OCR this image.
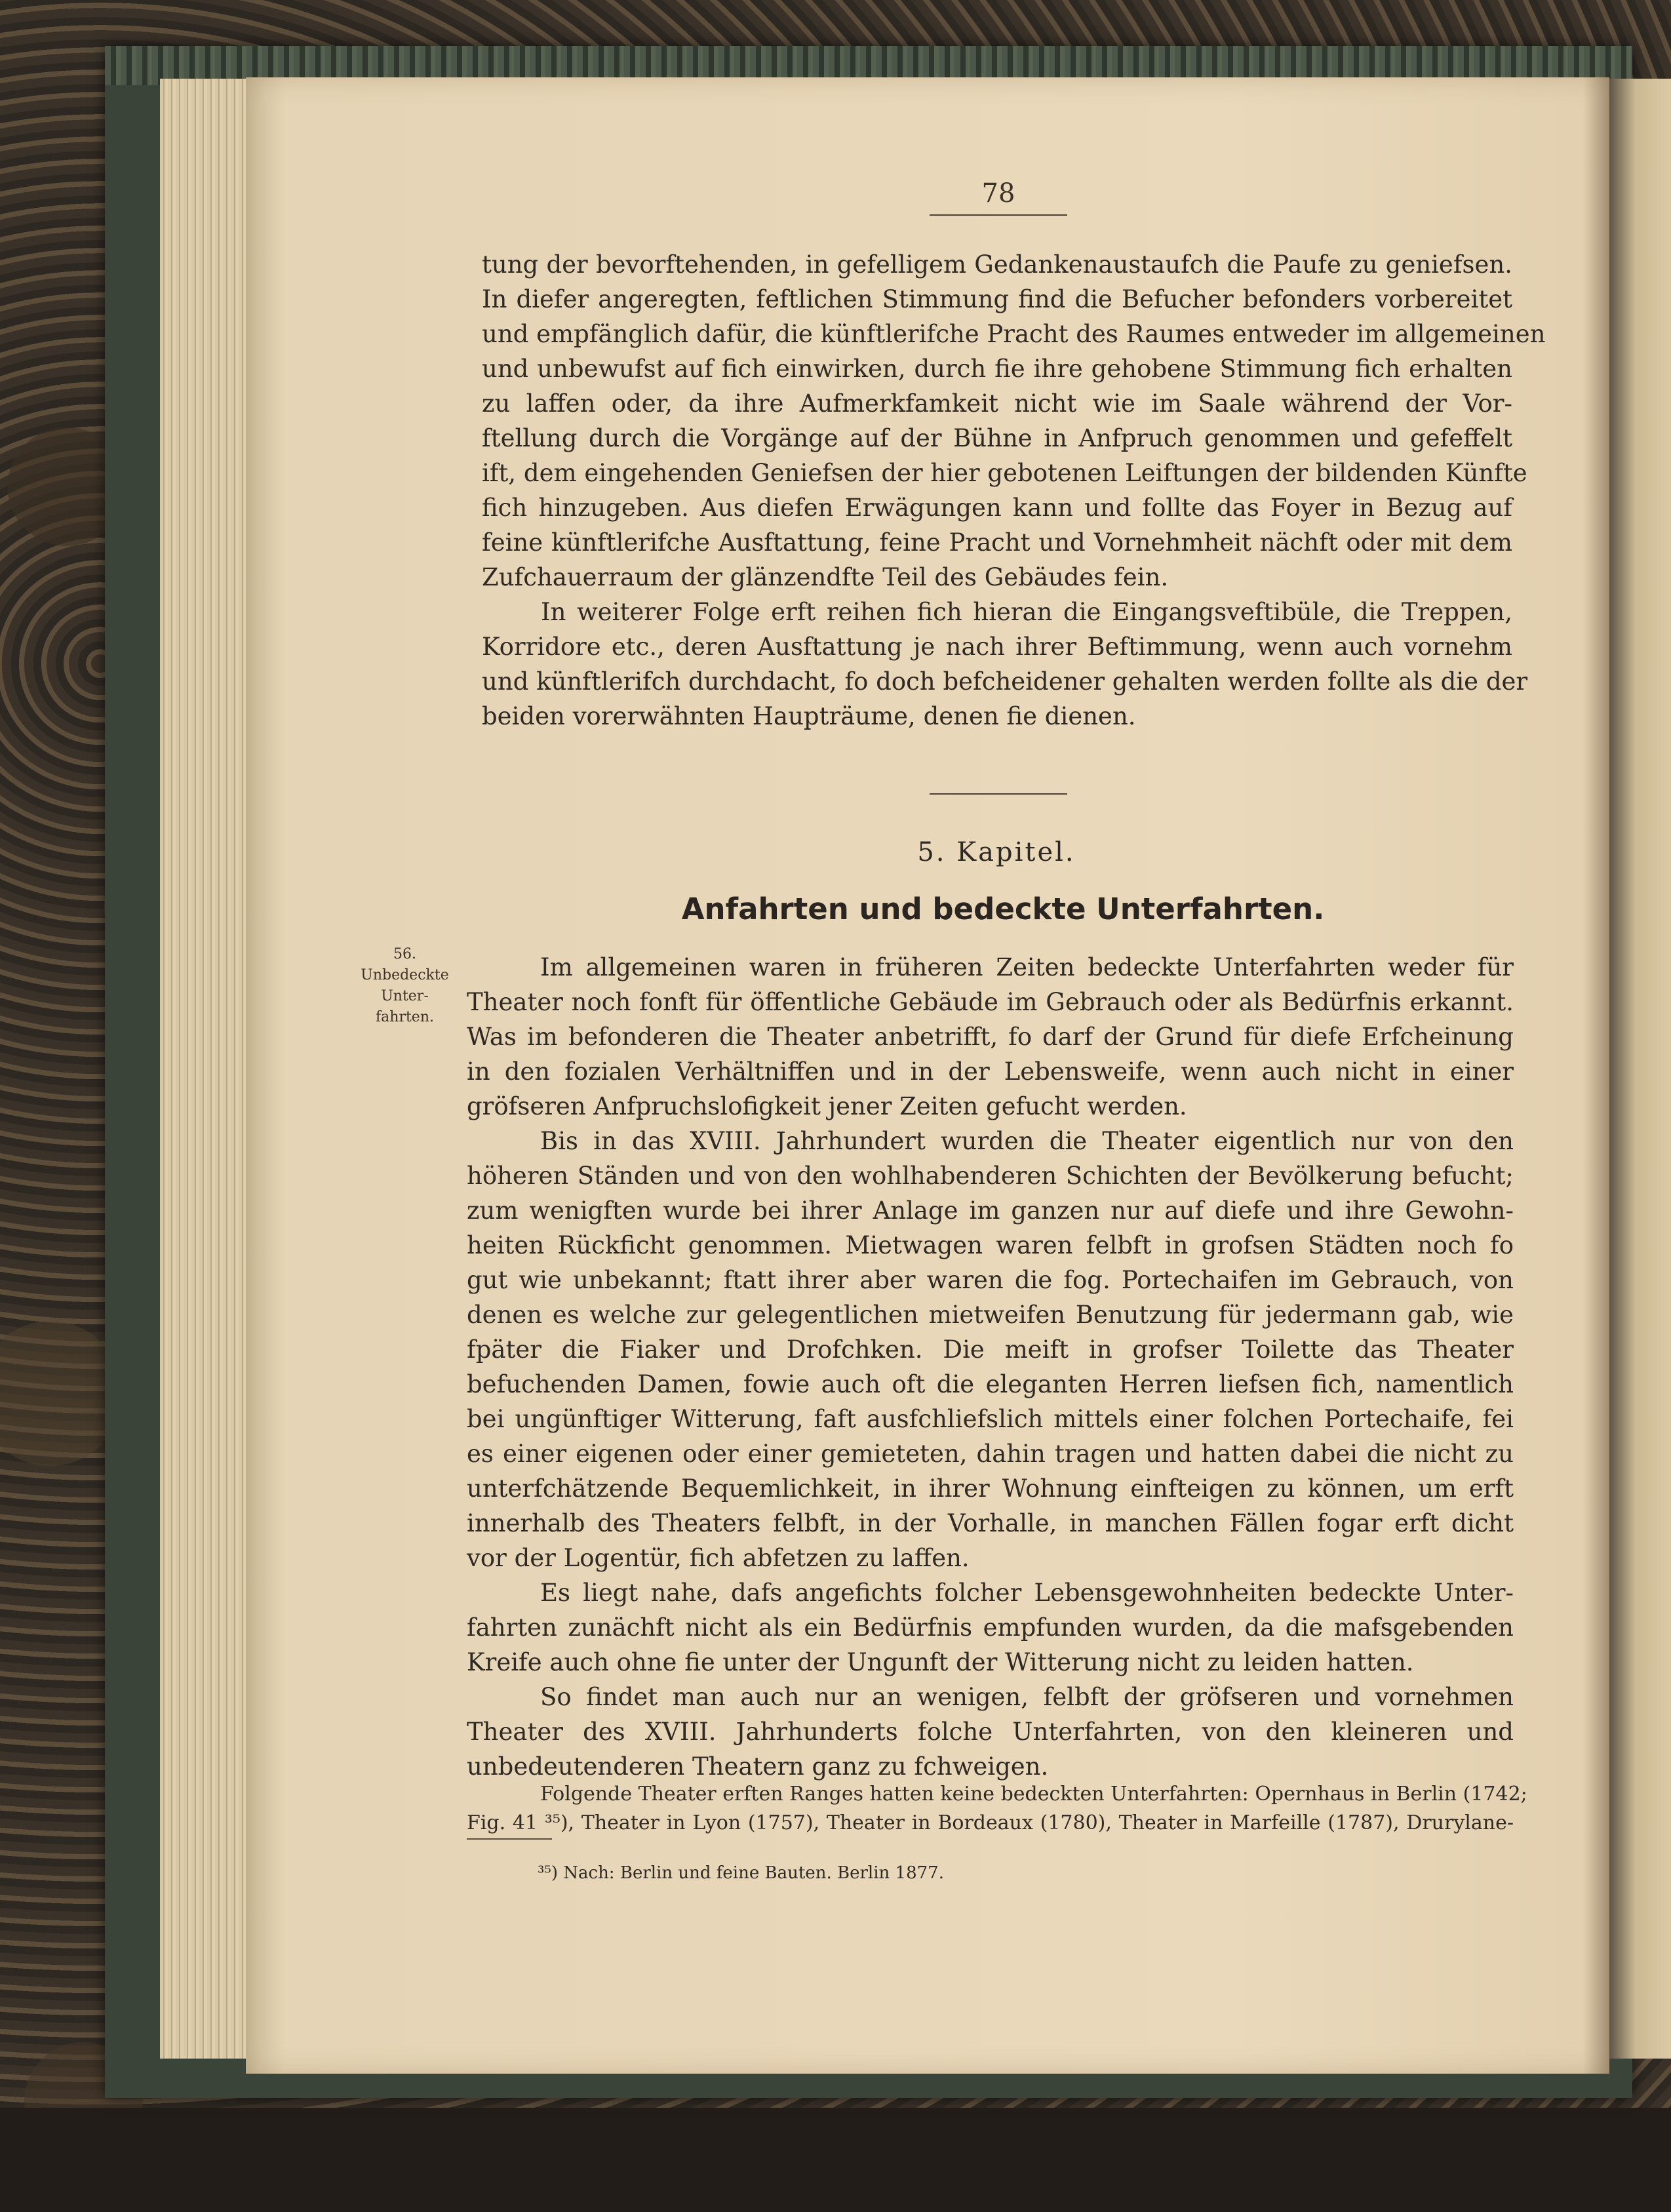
78
tung der bevorftehenden, in gefelligem Gedankenaustaufch die Paufe zu geniefsen.
In diefer angeregten, feftlichen Stimmung find die Befucher befonders vorbereitet
und empfänglich dafür, die künftlerifche Pracht des Raumes entweder im allgemeinen
und unbewufst auf fich einwirken, durch fie ihre gehobene Stimmung fich erhalten
zu laffen oder, da ihre Aufmerkfamkeit nicht wie im Saale während der Vor-
ftellung durch die Vorgänge auf der Bühne in Anfpruch genommen und gefeffelt
ift, dem eingehenden Geniefsen der hier gebotenen Leiftungen der bildenden Künfte
fich hinzugeben. Aus diefen Erwägungen kann und follte das Foyer in Bezug auf
feine künftlerifche Ausftattung, feine Pracht und Vornehmheit nächft oder mit dem
Zufchauerraum der glänzendfte Teil des Gebäudes fein.
In weiterer Folge erft reihen fich hieran die Eingangsveftibüle, die Treppen,
Korridore etc., deren Ausftattung je nach ihrer Beftimmung, wenn auch vornehm
und künftlerifch durchdacht, fo doch befcheidener gehalten werden follte als die der
beiden vorerwähnten Haupträume, denen fie dienen.
5. Kapitel.
Anfahrten und bedeckte Unterfahrten.
56.
Unbedeckte
Unter-
fahrten.
Im allgemeinen waren in früheren Zeiten bedeckte Unterfahrten weder für
Theater noch fonft für öffentliche Gebäude im Gebrauch oder als Bedürfnis erkannt.
Was im befonderen die Theater anbetrifft, fo darf der Grund für diefe Erfcheinung
in den fozialen Verhältniffen und in der Lebensweife, wenn auch nicht in einer
gröfseren Anfpruchslofigkeit jener Zeiten gefucht werden.
Bis in das XVIII. Jahrhundert wurden die Theater eigentlich nur von den
höheren Ständen und von den wohlhabenderen Schichten der Bevölkerung befucht;
zum wenigften wurde bei ihrer Anlage im ganzen nur auf diefe und ihre Gewohn-
heiten Rückficht genommen. Mietwagen waren felbft in grofsen Städten noch fo
gut wie unbekannt; ftatt ihrer aber waren die fog. Portechaifen im Gebrauch, von
denen es welche zur gelegentlichen mietweifen Benutzung für jedermann gab, wie
fpäter die Fiaker und Drofchken. Die meift in grofser Toilette das Theater
befuchenden Damen, fowie auch oft die eleganten Herren liefsen fich, namentlich
bei ungünftiger Witterung, faft ausfchliefslich mittels einer folchen Portechaife, fei
es einer eigenen oder einer gemieteten, dahin tragen und hatten dabei die nicht zu
unterfchätzende Bequemlichkeit, in ihrer Wohnung einfteigen zu können, um erft
innerhalb des Theaters felbft, in der Vorhalle, in manchen Fällen fogar erft dicht
vor der Logentür, fich abfetzen zu laffen.
Es liegt nahe, dafs angefichts folcher Lebensgewohnheiten bedeckte Unter-
fahrten zunächft nicht als ein Bedürfnis empfunden wurden, da die mafsgebenden
Kreife auch ohne fie unter der Ungunft der Witterung nicht zu leiden hatten.
So findet man auch nur an wenigen, felbft der gröfseren und vornehmen
Theater des XVIII. Jahrhunderts folche Unterfahrten, von den kleineren und
unbedeutenderen Theatern ganz zu fchweigen.
Folgende Theater erften Ranges hatten keine bedeckten Unterfahrten: Opernhaus in Berlin (1742;
Fig. 41 ³⁵), Theater in Lyon (1757), Theater in Bordeaux (1780), Theater in Marfeille (1787), Drurylane-
³⁵) Nach: Berlin und feine Bauten. Berlin 1877.
